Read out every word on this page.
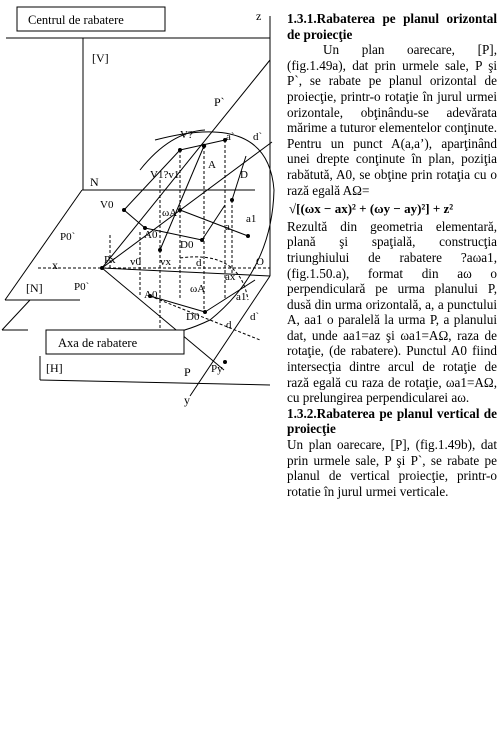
Centrul de rabatere
Axa de rabatere
z
y
x
[V]
[N]
[H]
N
P`
P
P0`
P0`
Px
Py
O
V1?v1
V0
v0
A0
A0
D0
D0
a` d`
d`
A
D
a1
a1
ωA
ωA
V?
d
a
d
ax
vx
1.3.1.Rabaterea pe planul orizontal de proiecţie
Un plan oarecare, [P], (fig.1.49a), dat prin urmele sale, P şi P`, se rabate pe planul orizontal de proiecţie, printr-o rotaţie în jurul urmei orizontale, obţinându-se adevărata mărime a tuturor elementelor conţinute. Pentru un punct A(a,a’), aparţinând unei drepte conţinute în plan, poziţia rabătută, A0, se obţine prin rotaţia cu o rază egală AΩ=
√[(ωx − ax)² + (ωy − ay)²] + z²
Rezultă din geometria elementară, plană şi spaţială, construcţia triunghiului de rabatere ?aωa1, (fig.1.50.a), format din aω o perpendiculară pe urma planului P, dusă din urma orizontală, a, a punctului A, aa1 o paralelă la urma P, a planului dat, unde aa1=az şi ωa1=AΩ, raza de rotaţie, (de rabatere). Punctul A0 fiind intersecţia dintre arcul de rotaţie de rază egală cu raza de rotaţie, ωa1=AΩ, cu prelungirea perpendicularei aω.
1.3.2.Rabaterea pe planul vertical de proiecţie
Un plan oarecare, [P], (fig.1.49b), dat prin urmele sale, P şi P`, se rabate pe planul de vertical proiecţie, printr-o rotatie în jurul urmei verticale.
